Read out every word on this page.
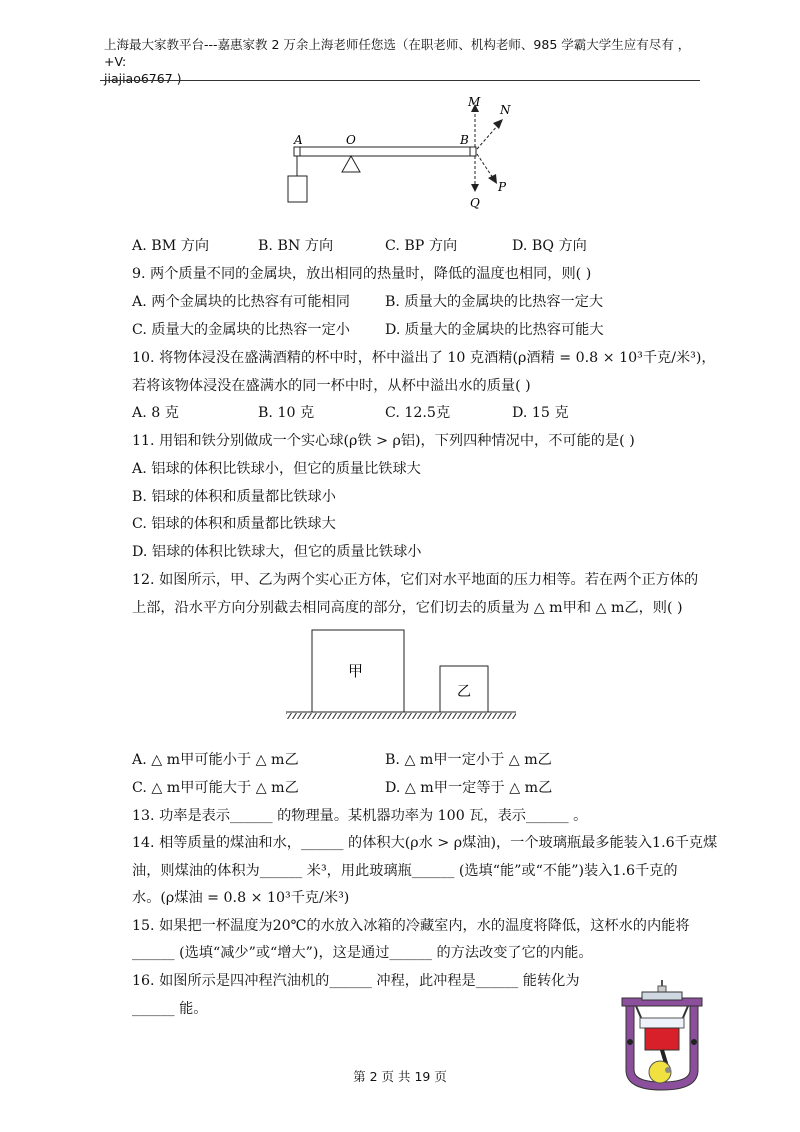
上海最大家教平台---嘉惠家教 2 万余上海老师任您选（在职老师、机构老师、985 学霸大学生应有尽有 ，+V:
jiajiao6767 )
A	O	B
M
N
P
Q
A. BM 方向	B. BN 方向	C. BP 方向	D. BQ 方向
9. 两个质量不同的金属块，放出相同的热量时，降低的温度也相同，则( )
A. 两个金属块的比热容有可能相同 B. 质量大的金属块的比热容一定大
C. 质量大的金属块的比热容一定小 D. 质量大的金属块的比热容可能大
10. 将物体浸没在盛满酒精的杯中时，杯中溢出了 10 克酒精(ρ酒精 = 0.8 × 10³千克/米³)，
若将该物体浸没在盛满水的同一杯中时，从杯中溢出水的质量( )
A. 8 克	B. 10 克	C. 12.5克	D. 15 克
11. 用铝和铁分别做成一个实心球(ρ铁 > ρ铝)，下列四种情况中，不可能的是( )
A. 铝球的体积比铁球小，但它的质量比铁球大
B. 铝球的体积和质量都比铁球小
C. 铝球的体积和质量都比铁球大
D. 铝球的体积比铁球大，但它的质量比铁球小
12. 如图所示，甲、乙为两个实心正方体，它们对水平地面的压力相等。若在两个正方体的
上部，沿水平方向分别截去相同高度的部分，它们切去的质量为 △ m甲和 △ m乙，则( )
甲
乙
A. △ m甲可能小于 △ m乙	B. △ m甲一定小于 △ m乙
C. △ m甲可能大于 △ m乙	D. △ m甲一定等于 △ m乙
13. 功率是表示______ 的物理量。某机器功率为 100 瓦，表示______ 。
14. 相等质量的煤油和水，______ 的体积大(ρ水 > ρ煤油)，一个玻璃瓶最多能装入1.6千克煤
油，则煤油的体积为______ 米³，用此玻璃瓶______ (选填“能”或“不能”)装入1.6千克的
水。(ρ煤油 = 0.8 × 10³千克/米³)
15. 如果把一杯温度为20℃的水放入冰箱的冷藏室内，水的温度将降低，这杯水的内能将
______ (选填“减少”或“增大”)，这是通过______ 的方法改变了它的内能。
16. 如图所示是四冲程汽油机的______ 冲程，此冲程是______ 能转化为
______ 能。
第 2 页 共 19 页
